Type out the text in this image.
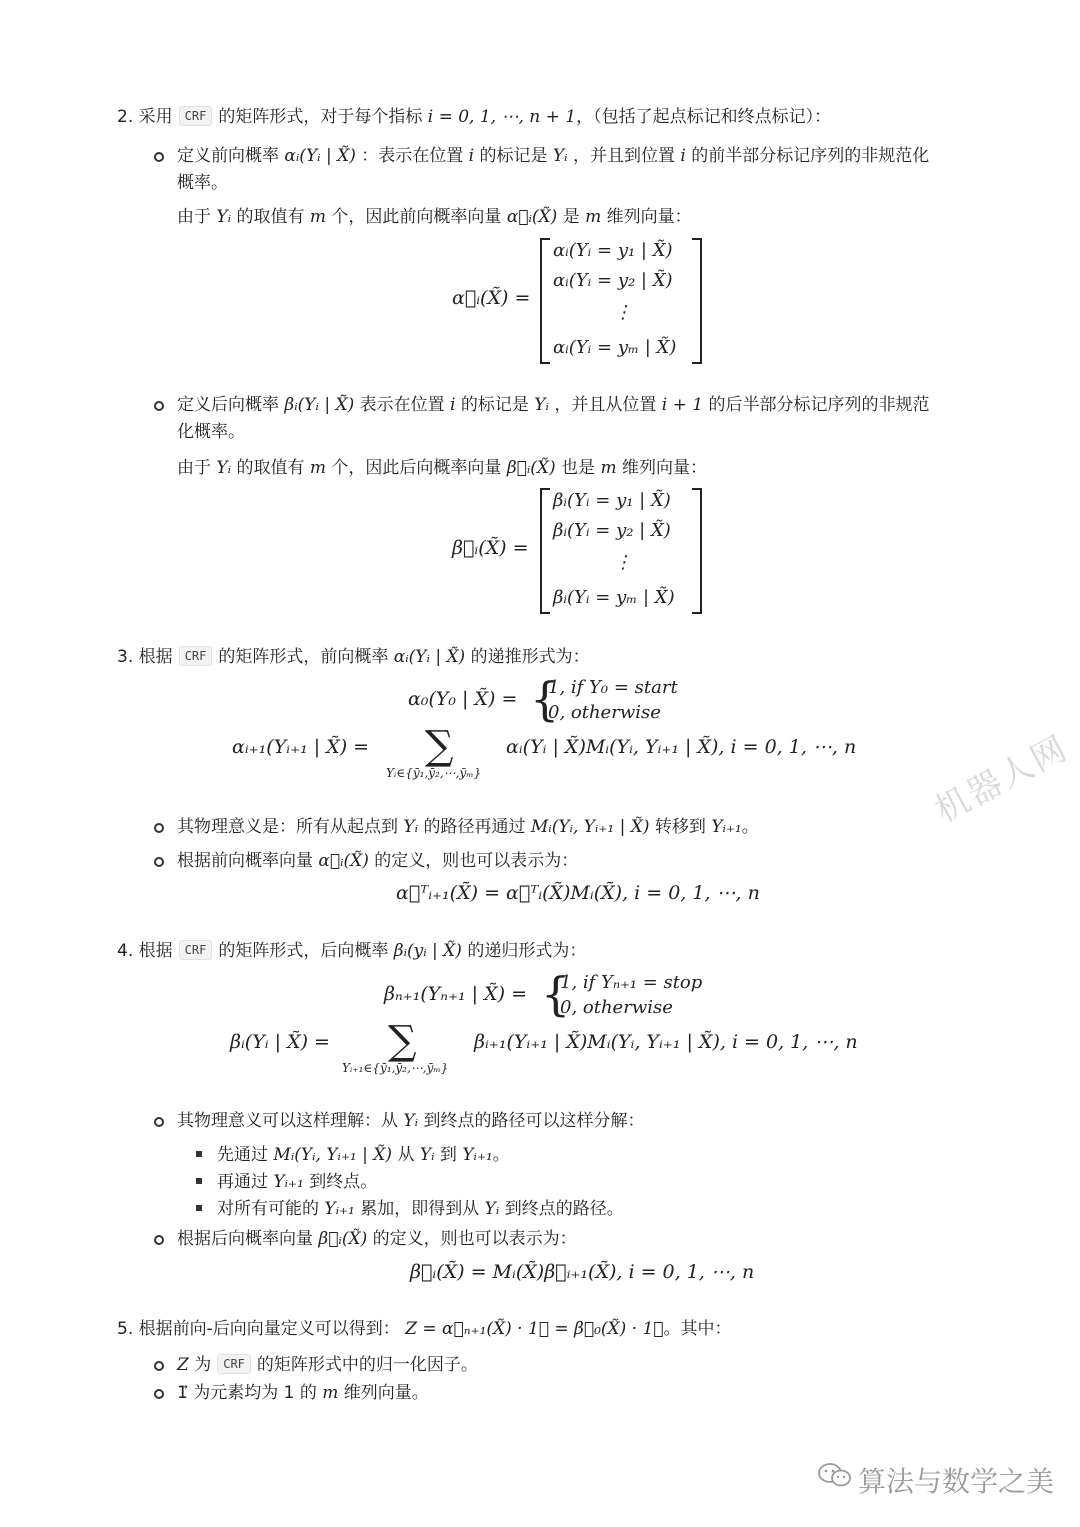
2. 采用 CRF 的矩阵形式，对于每个指标 i = 0, 1, ⋯, n + 1，（包括了起点标记和终点标记）：
定义前向概率 αᵢ(Yᵢ | X̃) ：表示在位置 i 的标记是 Yᵢ ，并且到位置 i 的前半部分标记序列的非规范化
概率。
由于 Yᵢ 的取值有 m 个，因此前向概率向量 α⃗ᵢ(X̃) 是 m 维列向量：
α⃗ᵢ(X̃) =
αᵢ(Yᵢ = y₁ | X̃)
αᵢ(Yᵢ = y₂ | X̃)
⋮
αᵢ(Yᵢ = yₘ | X̃)
定义后向概率 βᵢ(Yᵢ | X̃) 表示在位置 i 的标记是 Yᵢ ，并且从位置 i + 1 的后半部分标记序列的非规范
化概率。
由于 Yᵢ 的取值有 m 个，因此后向概率向量 β⃗ᵢ(X̃) 也是 m 维列向量：
β⃗ᵢ(X̃) =
βᵢ(Yᵢ = y₁ | X̃)
βᵢ(Yᵢ = y₂ | X̃)
⋮
βᵢ(Yᵢ = yₘ | X̃)
3. 根据 CRF 的矩阵形式，前向概率 αᵢ(Yᵢ | X̃) 的递推形式为：
α₀(Y₀ | X̃) = {
1, if Y₀ = start
0, otherwise
αᵢ₊₁(Yᵢ₊₁ | X̃) = ∑
Yᵢ∈{ȳ₁,ȳ₂,⋯,ȳₘ}
αᵢ(Yᵢ | X̃)Mᵢ(Yᵢ, Yᵢ₊₁ | X̃), i = 0, 1, ⋯, n
其物理意义是：所有从起点到 Yᵢ 的路径再通过 Mᵢ(Yᵢ, Yᵢ₊₁ | X̃) 转移到 Yᵢ₊₁。
根据前向概率向量 α⃗ᵢ(X̃) 的定义，则也可以表示为：
α⃗ᵀᵢ₊₁(X̃) = α⃗ᵀᵢ(X̃)Mᵢ(X̃), i = 0, 1, ⋯, n
4. 根据 CRF 的矩阵形式，后向概率 βᵢ(yᵢ | X̃) 的递归形式为：
βₙ₊₁(Yₙ₊₁ | X̃) = {
1, if Yₙ₊₁ = stop
0, otherwise
βᵢ(Yᵢ | X̃) = ∑
Yᵢ₊₁∈{ȳ₁,ȳ₂,⋯,ȳₘ}
βᵢ₊₁(Yᵢ₊₁ | X̃)Mᵢ(Yᵢ, Yᵢ₊₁ | X̃), i = 0, 1, ⋯, n
其物理意义可以这样理解：从 Yᵢ 到终点的路径可以这样分解：
先通过 Mᵢ(Yᵢ, Yᵢ₊₁ | X̃) 从 Yᵢ 到 Yᵢ₊₁。
再通过 Yᵢ₊₁ 到终点。
对所有可能的 Yᵢ₊₁ 累加，即得到从 Yᵢ 到终点的路径。
根据后向概率向量 β⃗ᵢ(X̃) 的定义，则也可以表示为：
β⃗ᵢ(X̃) = Mᵢ(X̃)β⃗ᵢ₊₁(X̃), i = 0, 1, ⋯, n
5. 根据前向-后向向量定义可以得到： Z = α⃗ₙ₊₁(X̃) · 1⃗ = β⃗₀(X̃) · 1⃗。其中：
Z 为 CRF 的矩阵形式中的归一化因子。
1⃗ 为元素均为 1 的 m 维列向量。
机器人网
算法与数学之美
